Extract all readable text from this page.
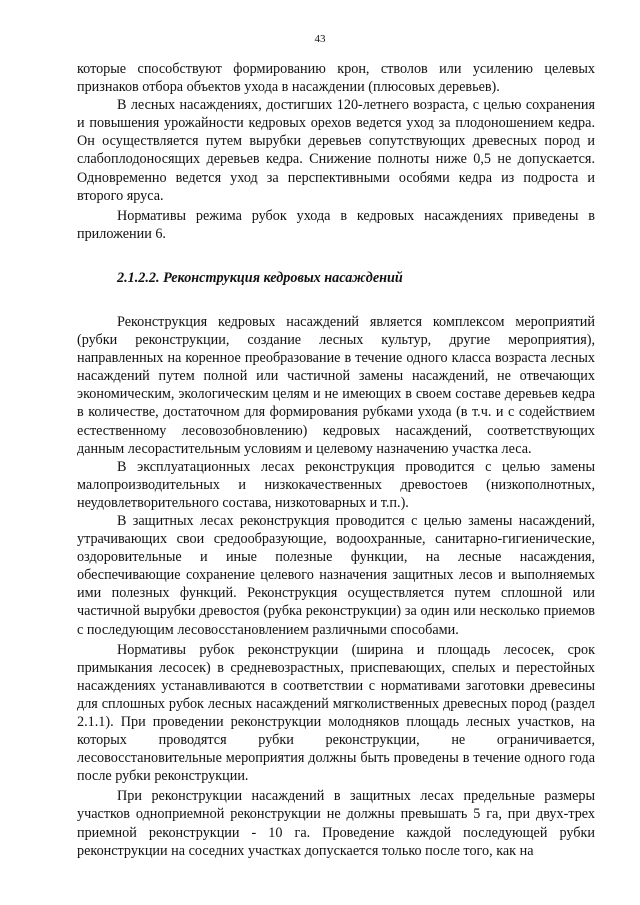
43

которые способствуют формированию крон, стволов или усилению целевых признаков отбора объектов ухода в насаждении (плюсовых деревьев).

В лесных насаждениях, достигших 120-летнего возраста, с целью сохранения и повышения урожайности кедровых орехов ведется уход за плодоношением кедра. Он осуществляется путем вырубки деревьев сопутствующих древесных пород и слабоплодоносящих деревьев кедра. Снижение полноты ниже 0,5 не допускается. Одновременно ведется уход за перспективными особями кедра из подроста и второго яруса.

Нормативы режима рубок ухода в кедровых насаждениях приведены в приложении 6.

2.1.2.2. Реконструкция кедровых насаждений

Реконструкция кедровых насаждений является комплексом мероприятий (рубки реконструкции, создание лесных культур, другие мероприятия), направленных на коренное преобразование в течение одного класса возраста лесных насаждений путем полной или частичной замены насаждений, не отвечающих экономическим, экологическим целям и не имеющих в своем составе деревьев кедра в количестве, достаточном для формирования рубками ухода (в т.ч. и с содействием естественному лесовозобновлению) кедровых насаждений, соответствующих данным лесорастительным условиям и целевому назначению участка леса.

В эксплуатационных лесах реконструкция проводится с целью замены малопроизводительных и низкокачественных древостоев (низкополнотных, неудовлетворительного состава, низкотоварных и т.п.).

В защитных лесах реконструкция проводится с целью замены насаждений, утрачивающих свои средообразующие, водоохранные, санитарно-гигиенические, оздоровительные и иные полезные функции, на лесные насаждения, обеспечивающие сохранение целевого назначения защитных лесов и выполняемых ими полезных функций. Реконструкция осуществляется путем сплошной или частичной вырубки древостоя (рубка реконструкции) за один или несколько приемов с последующим лесовосстановлением различными способами.

Нормативы рубок реконструкции (ширина и площадь лесосек, срок примыкания лесосек) в средневозрастных, приспевающих, спелых и перестойных насаждениях устанавливаются в соответствии с нормативами заготовки древесины для сплошных рубок лесных насаждений мягколиственных древесных пород (раздел 2.1.1). При проведении реконструкции молодняков площадь лесных участков, на которых проводятся рубки реконструкции, не ограничивается, лесовосстановительные мероприятия должны быть проведены в течение одного года после рубки реконструкции.

При реконструкции насаждений в защитных лесах предельные размеры участков одноприемной реконструкции не должны превышать 5 га, при двух-трех приемной реконструкции - 10 га. Проведение каждой последующей рубки реконструкции на соседних участках допускается только после того, как на
